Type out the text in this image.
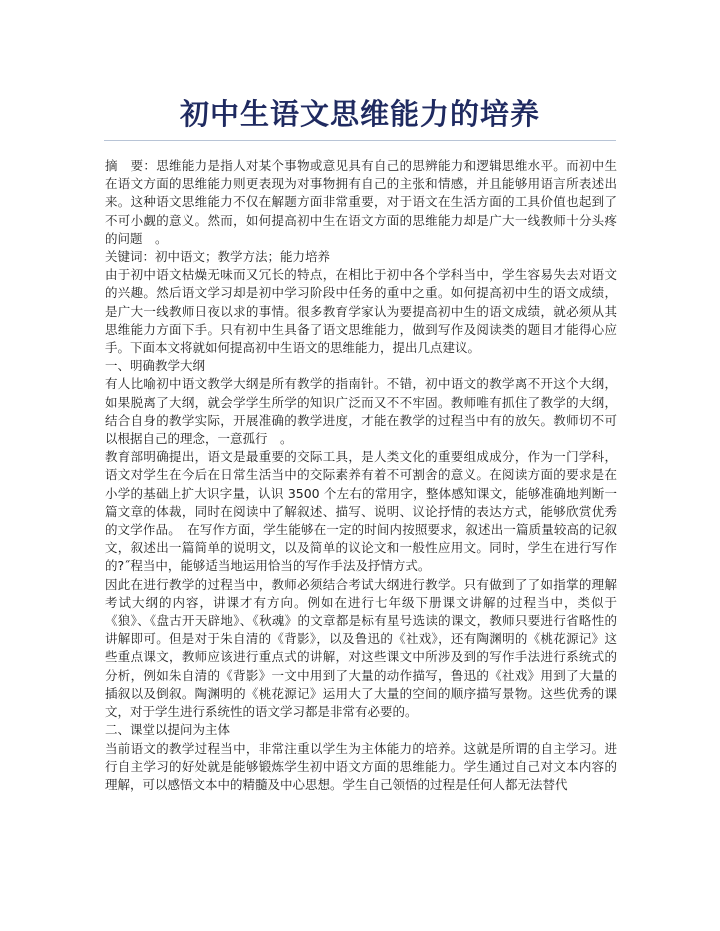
初中生语文思维能力的培养

摘　要：思维能力是指人对某个事物或意见具有自己的思辨能力和逻辑思维水平。而初中生在语文方面的思维能力则更表现为对事物拥有自己的主张和情感，并且能够用语言所表述出来。这种语文思维能力不仅在解题方面非常重要，对于语文在生活方面的工具价值也起到了不可小觑的意义。然而，如何提高初中生在语文方面的思维能力却是广大一线教师十分头疼的问题　。

关键词：初中语文；教学方法；能力培养

由于初中语文枯燥无味而又冗长的特点，在相比于初中各个学科当中，学生容易失去对语文的兴趣。然后语文学习却是初中学习阶段中任务的重中之重。如何提高初中生的语文成绩，是广大一线教师日夜以求的事情。很多教育学家认为要提高初中生的语文成绩，就必须从其思维能力方面下手。只有初中生具备了语文思维能力，做到写作及阅读类的题目才能得心应手。下面本文将就如何提高初中生语文的思维能力，提出几点建议。

一、明确教学大纲

有人比喻初中语文教学大纲是所有教学的指南针。不错，初中语文的教学离不开这个大纲，如果脱离了大纲，就会学学生所学的知识广泛而又不不牢固。教师唯有抓住了教学的大纲，结合自身的教学实际，开展准确的教学进度，才能在教学的过程当中有的放矢。教师切不可以根据自己的理念，一意孤行　。

教育部明确提出，语文是最重要的交际工具，是人类文化的重要组成成分，作为一门学科，语文对学生在今后在日常生活当中的交际素养有着不可割舍的意义。在阅读方面的要求是在小学的基础上扩大识字量，认识 3500 个左右的常用字，整体感知课文，能够准确地判断一篇文章的体裁，同时在阅读中了解叙述、描写、说明、议论抒情的表达方式，能够欣赏优秀的文学作品。　在写作方面，学生能够在一定的时间内按照要求，叙述出一篇质量较高的记叙文，叙述出一篇简单的说明文，以及简单的议论文和一般性应用文。同时，学生在进行写作的?˝程当中，能够适当地运用恰当的写作手法及抒情方式。

因此在进行教学的过程当中，教师必须结合考试大纲进行教学。只有做到了了如指掌的理解考试大纲的内容，讲课才有方向。例如在进行七年级下册课文讲解的过程当中，类似于《狼》、《盘古开天辟地》、《秋魂》的文章都是标有星号选读的课文，教师只要进行省略性的讲解即可。但是对于朱自清的《背影》，以及鲁迅的《社戏》，还有陶渊明的《桃花源记》这些重点课文，教师应该进行重点式的讲解，对这些课文中所涉及到的写作手法进行系统式的分析，例如朱自清的《背影》一文中用到了大量的动作描写，鲁迅的《社戏》用到了大量的插叙以及倒叙。陶渊明的《桃花源记》运用大了大量的空间的顺序描写景物。这些优秀的课文，对于学生进行系统性的语文学习都是非常有必要的。

二、课堂以提问为主体

当前语文的教学过程当中，非常注重以学生为主体能力的培养。这就是所谓的自主学习。进行自主学习的好处就是能够锻炼学生初中语文方面的思维能力。学生通过自己对文本内容的理解，可以感悟文本中的精髓及中心思想。学生自己领悟的过程是任何人都无法替代
